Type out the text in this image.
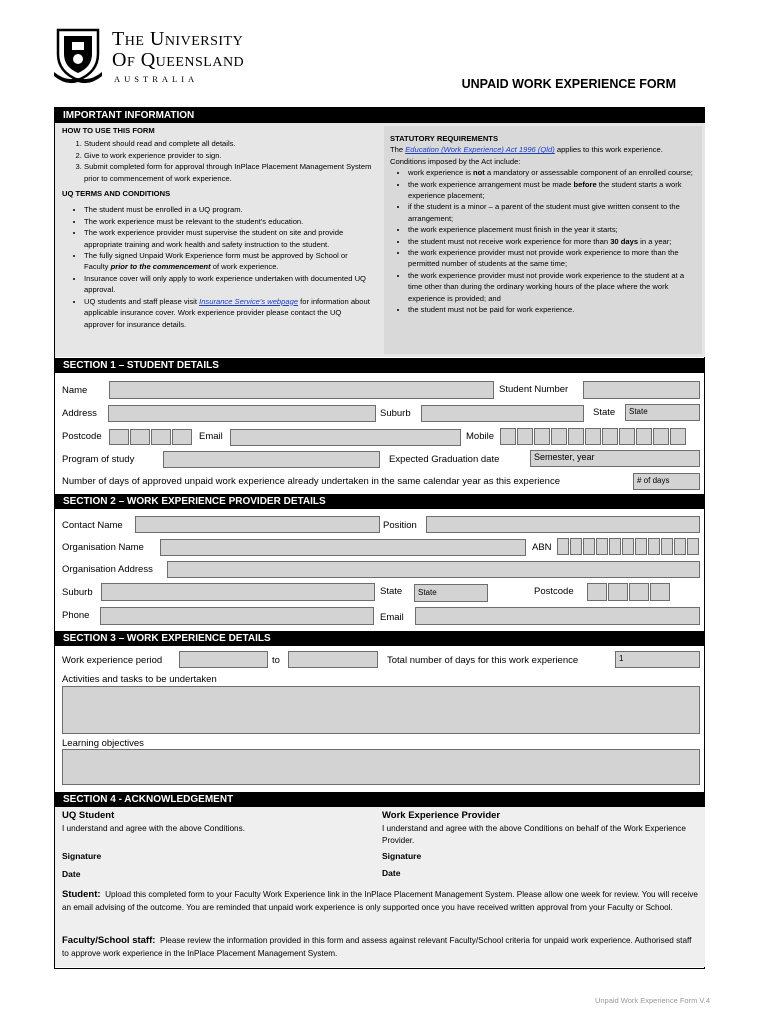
The University
Of Queensland
AUSTRALIA	UNPAID WORK EXPERIENCE FORM
IMPORTANT INFORMATION
HOW TO USE THIS FORM
1. Student should read and complete all details.
2. Give to work experience provider to sign.
3. Submit completed form for approval through InPlace Placement Management System prior to commencement of work experience.
UQ TERMS AND CONDITIONS
• The student must be enrolled in a UQ program.
• The work experience must be relevant to the student's education.
• The work experience provider must supervise the student on site and provide appropriate training and work health and safety instruction to the student.
• The fully signed Unpaid Work Experience form must be approved by School or Faculty prior to the commencement of work experience.
• Insurance cover will only apply to work experience undertaken with documented UQ approval.
• UQ students and staff please visit Insurance Service's webpage for information about applicable insurance cover. Work experience provider please contact the UQ approver for insurance details.
STATUTORY REQUIREMENTS
The Education (Work Experience) Act 1996 (Qld) applies to this work experience. Conditions imposed by the Act include:
• work experience is not a mandatory or assessable component of an enrolled course;
• the work experience arrangement must be made before the student starts a work experience placement;
• if the student is a minor – a parent of the student must give written consent to the arrangement;
• the work experience placement must finish in the year it starts;
• the student must not receive work experience for more than 30 days in a year;
• the work experience provider must not provide work experience to more than the permitted number of students at the same time;
• the work experience provider must not provide work experience to the student at a time other than during the ordinary working hours of the place where the work experience is provided; and
• the student must not be paid for work experience.
SECTION 1 – STUDENT DETAILS
Name	Student Number
Address	Suburb	State	State
Postcode	Email	Mobile
Program of study	Expected Graduation date	Semester, year
Number of days of approved unpaid work experience already undertaken in the same calendar year as this experience	# of days
SECTION 2 – WORK EXPERIENCE PROVIDER DETAILS
Contact Name	Position
Organisation Name	ABN
Organisation Address
Suburb	State	State	Postcode
Phone	Email
SECTION 3 – WORK EXPERIENCE DETAILS
Work experience period	to	Total number of days for this work experience	1
Activities and tasks to be undertaken
Learning objectives
SECTION 4 - ACKNOWLEDGEMENT
UQ Student
I understand and agree with the above Conditions.
Signature
Date
Work Experience Provider
I understand and agree with the above Conditions on behalf of the Work Experience Provider.
Signature
Date
Student: Upload this completed form to your Faculty Work Experience link in the InPlace Placement Management System. Please allow one week for review. You will receive an email advising of the outcome. You are reminded that unpaid work experience is only supported once you have received written approval from your Faculty or School.
Faculty/School staff: Please review the information provided in this form and assess against relevant Faculty/School criteria for unpaid work experience. Authorised staff to approve work experience in the InPlace Placement Management System.
Unpaid Work Experience Form V.4
